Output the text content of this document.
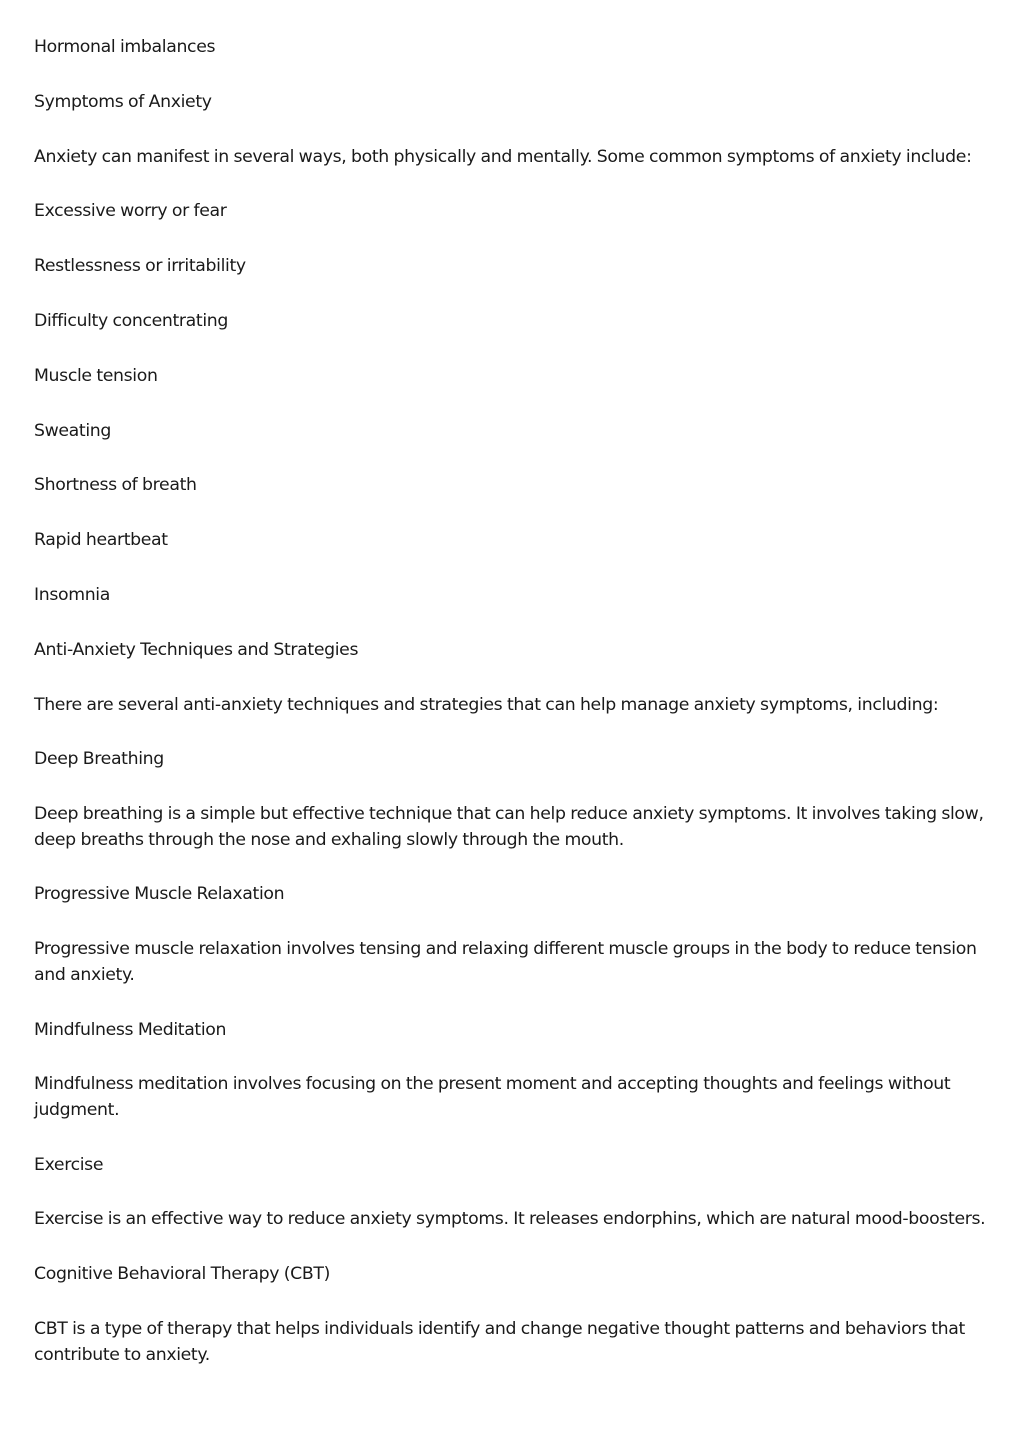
Hormonal imbalances

Symptoms of Anxiety

Anxiety can manifest in several ways, both physically and mentally. Some common symptoms of anxiety include:

Excessive worry or fear

Restlessness or irritability

Difficulty concentrating

Muscle tension

Sweating

Shortness of breath

Rapid heartbeat

Insomnia

Anti-Anxiety Techniques and Strategies

There are several anti-anxiety techniques and strategies that can help manage anxiety symptoms, including:

Deep Breathing

Deep breathing is a simple but effective technique that can help reduce anxiety symptoms. It involves taking slow, deep breaths through the nose and exhaling slowly through the mouth.

Progressive Muscle Relaxation

Progressive muscle relaxation involves tensing and relaxing different muscle groups in the body to reduce tension and anxiety.

Mindfulness Meditation

Mindfulness meditation involves focusing on the present moment and accepting thoughts and feelings without judgment.

Exercise

Exercise is an effective way to reduce anxiety symptoms. It releases endorphins, which are natural mood-boosters.

Cognitive Behavioral Therapy (CBT)

CBT is a type of therapy that helps individuals identify and change negative thought patterns and behaviors that contribute to anxiety.
